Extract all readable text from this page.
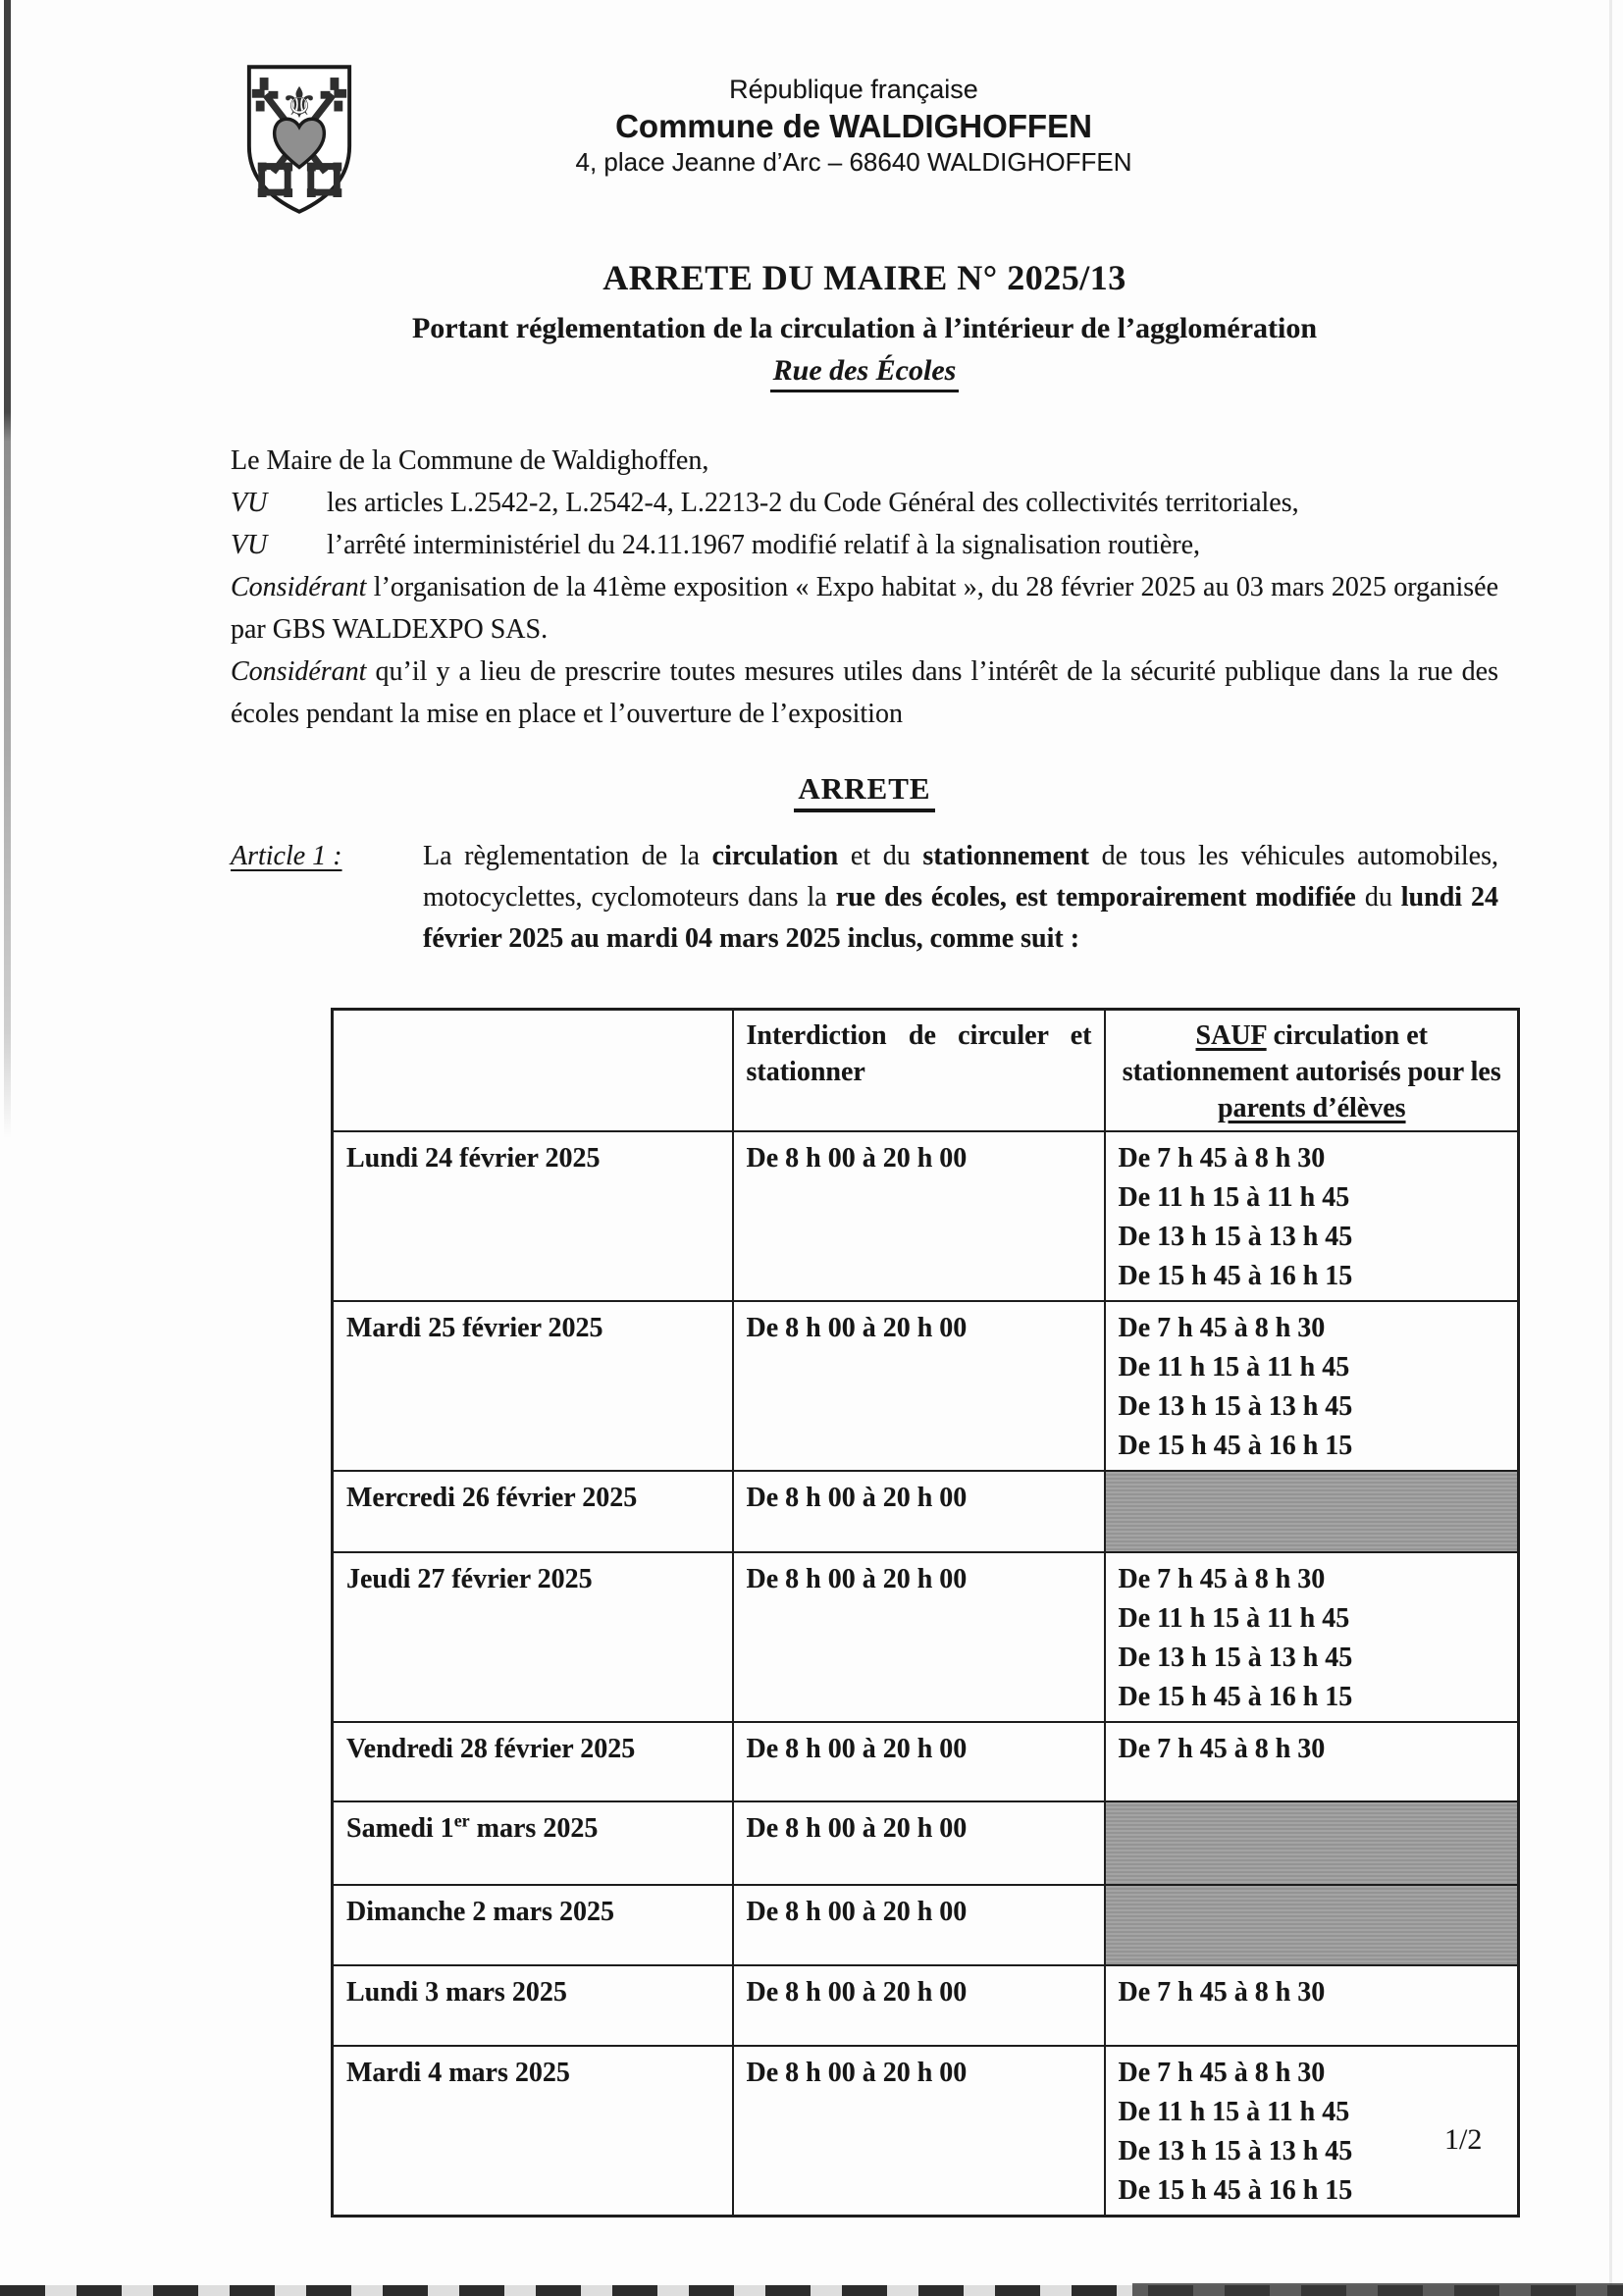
⚜	République française
Commune de WALDIGHOFFEN
4, place Jeanne d’Arc – 68640 WALDIGHOFFEN
ARRETE DU MAIRE N° 2025/13
Portant réglementation de la circulation à l’intérieur de l’agglomération
Rue des Écoles
Le Maire de la Commune de Waldighoffen,
VU	les articles L.2542-2, L.2542-4, L.2213-2 du Code Général des collectivités territoriales,
VU	l’arrêté interministériel du 24.11.1967 modifié relatif à la signalisation routière,
Considérant l’organisation de la 41ème exposition « Expo habitat », du 28 février 2025 au 03 mars 2025 organisée par GBS WALDEXPO SAS.
Considérant qu’il y a lieu de prescrire toutes mesures utiles dans l’intérêt de la sécurité publique dans la rue des écoles pendant la mise en place et l’ouverture de l’exposition
ARRETE
Article 1 :	La règlementation de la circulation et du stationnement de tous les véhicules automobiles, motocyclettes, cyclomoteurs dans la rue des écoles, est temporairement modifiée du lundi 24 février 2025 au mardi 04 mars 2025 inclus, comme suit :
	Interdiction de circuler et stationner	SAUF circulation et stationnement autorisés pour les parents d’élèves
Lundi 24 février 2025	De 8 h 00 à 20 h 00	De 7 h 45 à 8 h 30
De 11 h 15 à 11 h 45
De 13 h 15 à 13 h 45
De 15 h 45 à 16 h 15

Mardi 25 février 2025	De 8 h 00 à 20 h 00	De 7 h 45 à 8 h 30
De 11 h 15 à 11 h 45
De 13 h 15 à 13 h 45
De 15 h 45 à 16 h 15

Mercredi 26 février 2025	De 8 h 00 à 20 h 00	
Jeudi 27 février 2025	De 8 h 00 à 20 h 00	De 7 h 45 à 8 h 30
De 11 h 15 à 11 h 45
De 13 h 15 à 13 h 45
De 15 h 45 à 16 h 15

Vendredi 28 février 2025	De 8 h 00 à 20 h 00	De 7 h 45 à 8 h 30

Samedi 1er mars 2025	De 8 h 00 à 20 h 00	
Dimanche 2 mars 2025	De 8 h 00 à 20 h 00	
Lundi 3 mars 2025	De 8 h 00 à 20 h 00	De 7 h 45 à 8 h 30

Mardi 4 mars 2025	De 8 h 00 à 20 h 00	De 7 h 45 à 8 h 30
De 11 h 15 à 11 h 45
De 13 h 15 à 13 h 45
De 15 h 45 à 16 h 15
1/2
